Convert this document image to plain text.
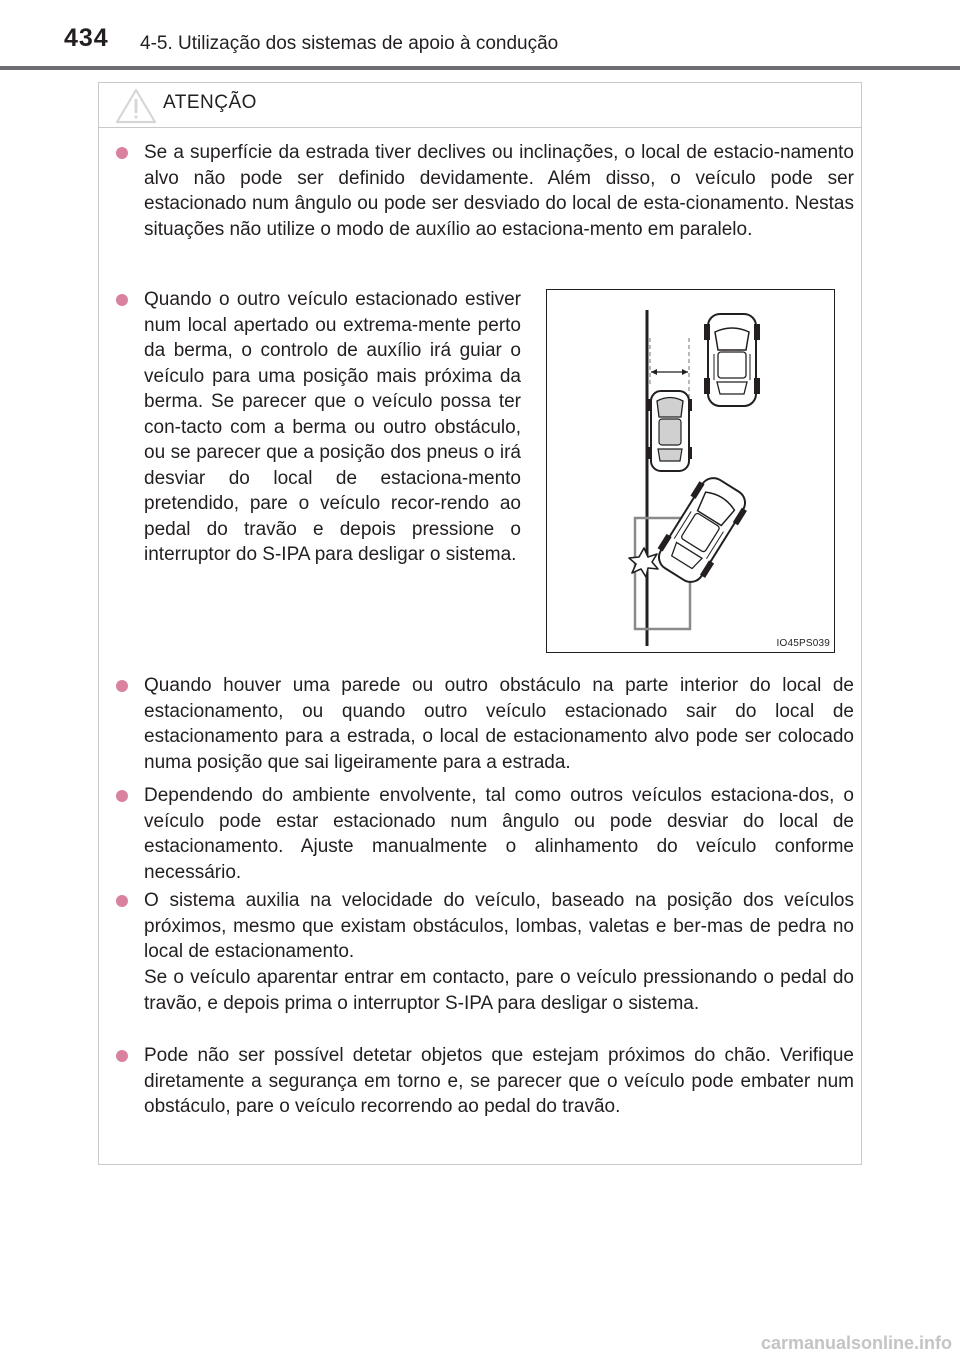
434 4-5. Utilização dos sistemas de apoio à condução
ATENÇÃO

Se a superfície da estrada tiver declives ou inclinações, o local de estacio-namento alvo não pode ser definido devidamente. Além disso, o veículo pode ser estacionado num ângulo ou pode ser desviado do local de esta-cionamento. Nestas situações não utilize o modo de auxílio ao estaciona-mento em paralelo.

Quando o outro veículo estacionado estiver num local apertado ou extrema-mente perto da berma, o controlo de auxílio irá guiar o veículo para uma posição mais próxima da berma. Se parecer que o veículo possa ter con-tacto com a berma ou outro obstáculo, ou se parecer que a posição dos pneus o irá desviar do local de estaciona-mento pretendido, pare o veículo recor-rendo ao pedal do travão e depois pressione o interruptor do S-IPA para desligar o sistema.

IO45PS039

Quando houver uma parede ou outro obstáculo na parte interior do local de estacionamento, ou quando outro veículo estacionado sair do local de estacionamento para a estrada, o local de estacionamento alvo pode ser colocado numa posição que sai ligeiramente para a estrada.

Dependendo do ambiente envolvente, tal como outros veículos estaciona-dos, o veículo pode estar estacionado num ângulo ou pode desviar do local de estacionamento. Ajuste manualmente o alinhamento do veículo conforme necessário.

O sistema auxilia na velocidade do veículo, baseado na posição dos veículos próximos, mesmo que existam obstáculos, lombas, valetas e ber-mas de pedra no local de estacionamento.

Se o veículo aparentar entrar em contacto, pare o veículo pressionando o pedal do travão, e depois prima o interruptor S-IPA para desligar o sistema.

Pode não ser possível detetar objetos que estejam próximos do chão. Verifique diretamente a segurança em torno e, se parecer que o veículo pode embater num obstáculo, pare o veículo recorrendo ao pedal do travão.

carmanualsonline.info
